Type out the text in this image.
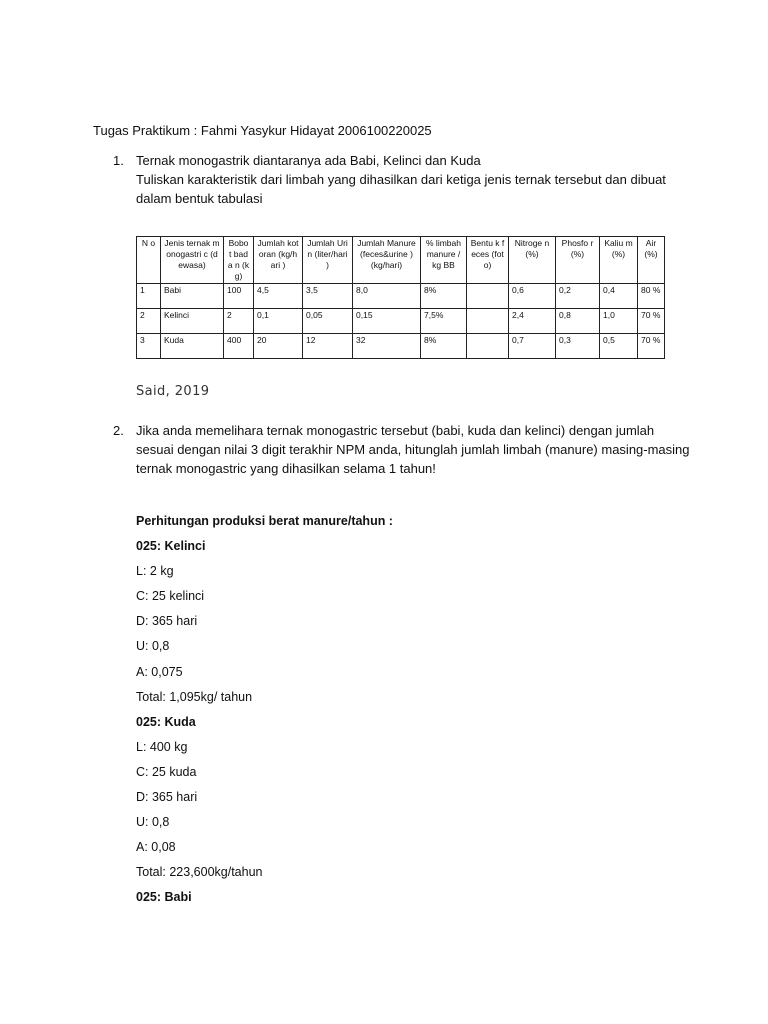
Tugas Praktikum : Fahmi Yasykur Hidayat 2006100220025
1. Ternak monogastrik diantaranya ada Babi, Kelinci dan Kuda
Tuliskan karakteristik dari limbah yang dihasilkan dari ketiga jenis ternak tersebut dan dibuat
dalam bentuk tabulasi
N o	Jenis ternak monogastri c (dewasa)	Bobo t bada n (kg)	Jumlah kotoran (kg/hari )	Jumlah Urin (liter/hari )	Jumlah Manure (feces&urine ) (kg/hari)	% limbah manure / kg BB	Bentu k feces (foto)	Nitroge n (%)	Phosfo r (%)	Kaliu m (%)	Air (%)
1	Babi	100	4,5	3,5	8,0	8%		0,6	0,2	0,4	80 %
2	Kelinci	2	0,1	0,05	0,15	7,5%		2,4	0,8	1,0	70 %
3	Kuda	400	20	12	32	8%		0,7	0,3	0,5	70 %
Said, 2019
2. Jika anda memelihara ternak monogastric tersebut (babi, kuda dan kelinci) dengan jumlah
sesuai dengan nilai 3 digit terakhir NPM anda, hitunglah jumlah limbah (manure) masing-masing
ternak monogastric yang dihasilkan selama 1 tahun!
Perhitungan produksi berat manure/tahun :
025: Kelinci
L: 2 kg
C: 25 kelinci
D: 365 hari
U: 0,8
A: 0,075
Total: 1,095kg/ tahun
025: Kuda
L: 400 kg
C: 25 kuda
D: 365 hari
U: 0,8
A: 0,08
Total: 223,600kg/tahun
025: Babi
